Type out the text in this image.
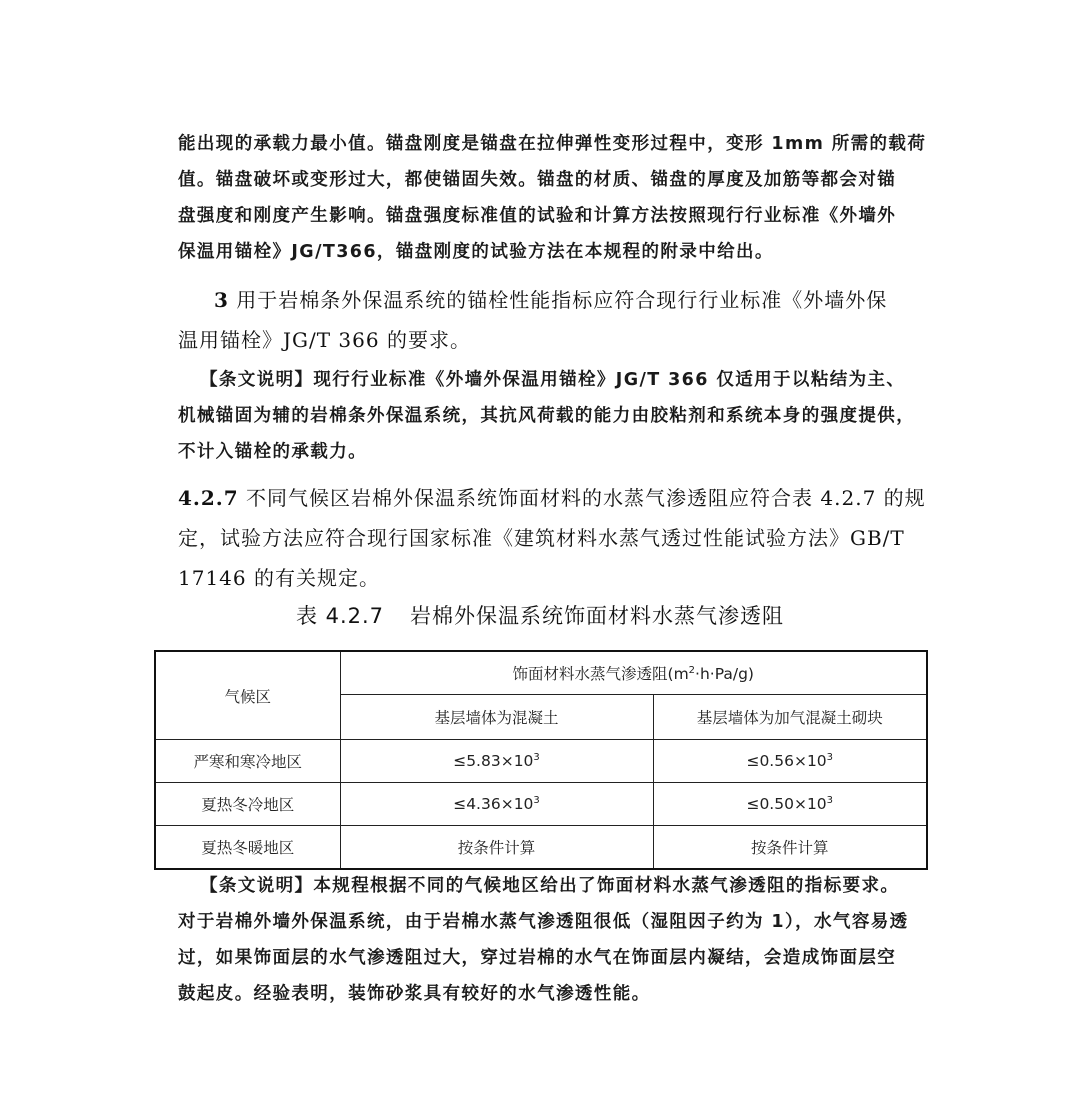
能出现的承载力最小值。锚盘刚度是锚盘在拉伸弹性变形过程中，变形 1mm 所需的载荷

值。锚盘破坏或变形过大，都使锚固失效。锚盘的材质、锚盘的厚度及加筋等都会对锚

盘强度和刚度产生影响。锚盘强度标准值的试验和计算方法按照现行行业标准《外墙外

保温用锚栓》JG/T366，锚盘刚度的试验方法在本规程的附录中给出。

3 用于岩棉条外保温系统的锚栓性能指标应符合现行行业标准《外墙外保

温用锚栓》JG/T 366 的要求。

【条文说明】现行行业标准《外墙外保温用锚栓》JG/T 366 仅适用于以粘结为主、

机械锚固为辅的岩棉条外保温系统，其抗风荷载的能力由胶粘剂和系统本身的强度提供，

不计入锚栓的承载力。

4.2.7 不同气候区岩棉外保温系统饰面材料的水蒸气渗透阻应符合表 4.2.7 的规

定，试验方法应符合现行国家标准《建筑材料水蒸气透过性能试验方法》GB/T

17146 的有关规定。

表 4.2.7 岩棉外保温系统饰面材料水蒸气渗透阻
气候区	饰面材料水蒸气渗透阻$(m^2\cdot h\cdot Pa/g)$	
	基层墙体为混凝土	基层墙体为加气混凝土砌块
严寒和寒冷地区	$\le 5.83\times 10^3$	$\le 0.56\times 10^3$
夏热冬冷地区	$\le 4.36\times 10^3$	$\le 0.50\times 10^3$
夏热冬暖地区	按条件计算	按条件计算

【条文说明】本规程根据不同的气候地区给出了饰面材料水蒸气渗透阻的指标要求。

对于岩棉外墙外保温系统，由于岩棉水蒸气渗透阻很低（湿阻因子约为 1），水气容易透

过，如果饰面层的水气渗透阻过大，穿过岩棉的水气在饰面层内凝结，会造成饰面层空

鼓起皮。经验表明，装饰砂浆具有较好的水气渗透性能。
